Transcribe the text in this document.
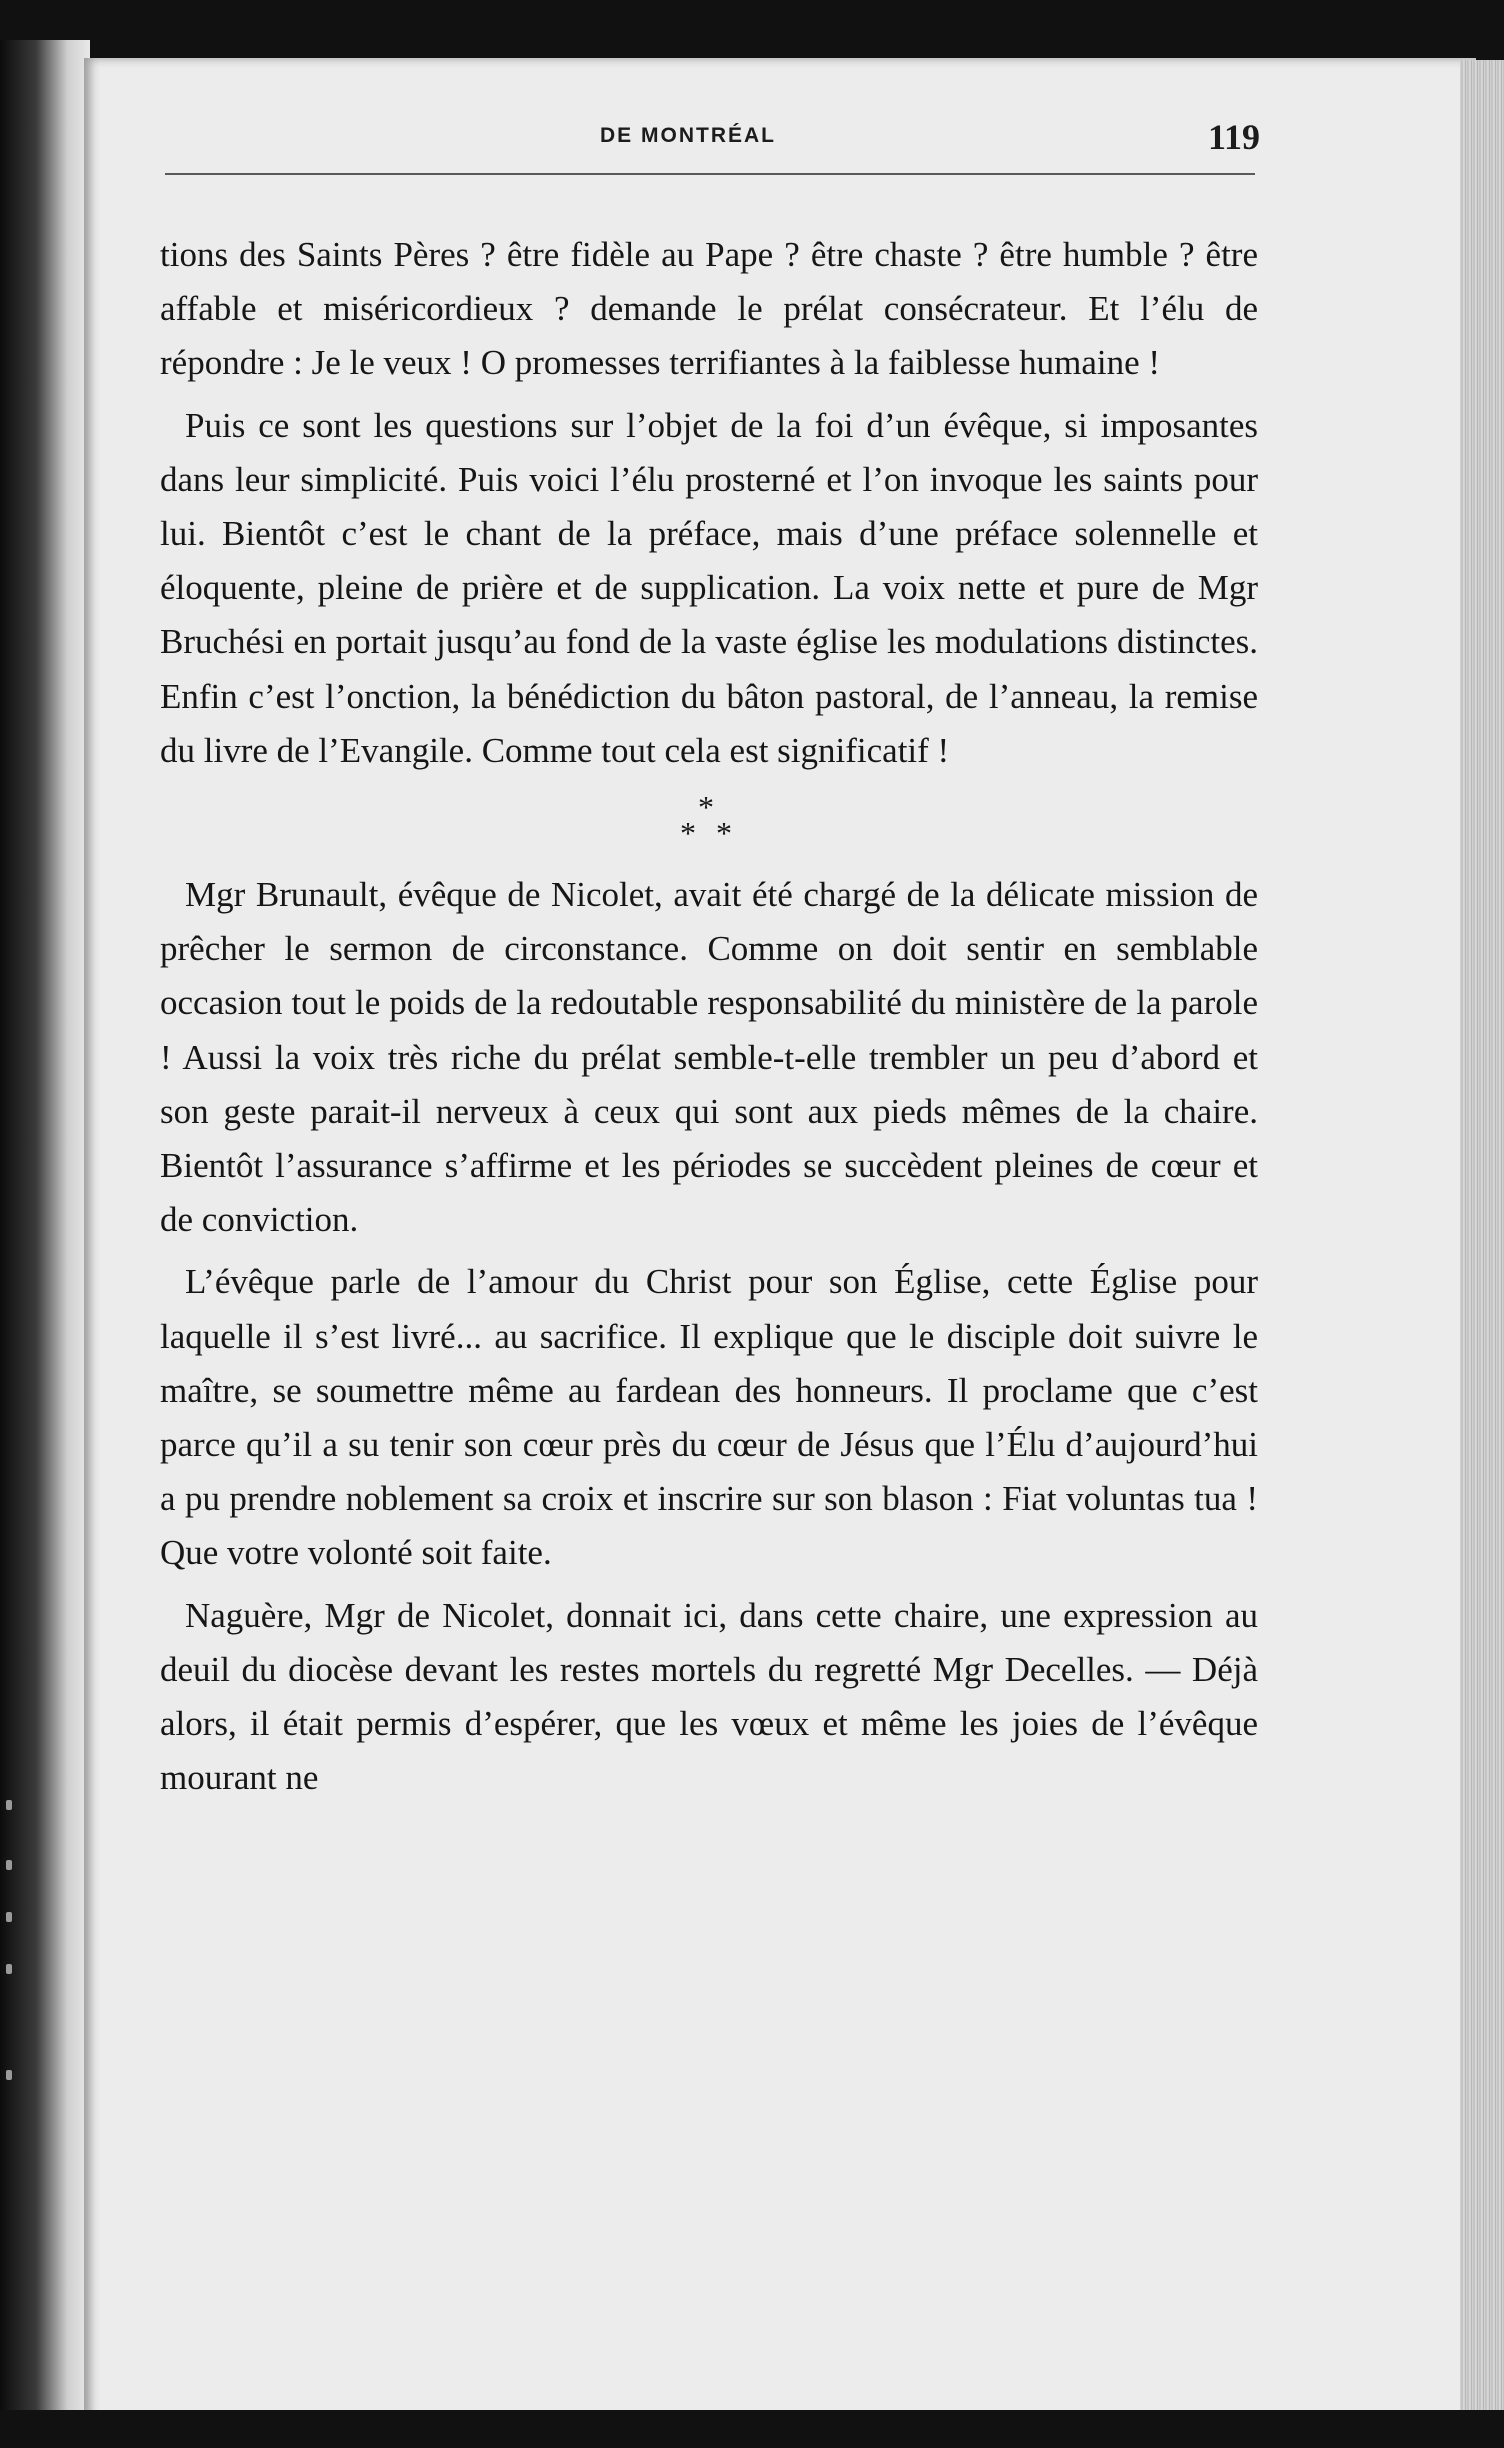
DE MONTRÉAL	119

tions des Saints Pères ? être fidèle au Pape ? être chaste ? être humble ? être affable et miséricordieux ? demande le prélat consécrateur. Et l’élu de répondre : Je le veux ! O promesses terrifiantes à la faiblesse humaine !

Puis ce sont les questions sur l’objet de la foi d’un évêque, si imposantes dans leur simplicité. Puis voici l’élu prosterné et l’on invoque les saints pour lui. Bientôt c’est le chant de la préface, mais d’une préface solennelle et éloquente, pleine de prière et de supplication. La voix nette et pure de Mgr Bruchési en portait jusqu’au fond de la vaste église les modulations distinctes. Enfin c’est l’onction, la bénédiction du bâton pastoral, de l’anneau, la remise du livre de l’Evangile. Comme tout cela est significatif !

*
* *

Mgr Brunault, évêque de Nicolet, avait été chargé de la délicate mission de prêcher le sermon de circonstance. Comme on doit sentir en semblable occasion tout le poids de la redoutable responsabilité du ministère de la parole ! Aussi la voix très riche du prélat semble-t-elle trembler un peu d’abord et son geste parait-il nerveux à ceux qui sont aux pieds mêmes de la chaire. Bientôt l’assurance s’affirme et les périodes se succèdent pleines de cœur et de conviction.

L’évêque parle de l’amour du Christ pour son Église, cette Église pour laquelle il s’est livré... au sacrifice. Il explique que le disciple doit suivre le maître, se soumettre même au fardean des honneurs. Il proclame que c’est parce qu’il a su tenir son cœur près du cœur de Jésus que l’Élu d’aujourd’hui a pu prendre noblement sa croix et inscrire sur son blason : Fiat voluntas tua ! Que votre volonté soit faite.

Naguère, Mgr de Nicolet, donnait ici, dans cette chaire, une expression au deuil du diocèse devant les restes mortels du regretté Mgr Decelles. — Déjà alors, il était permis d’espérer, que les vœux et même les joies de l’évêque mourant ne
